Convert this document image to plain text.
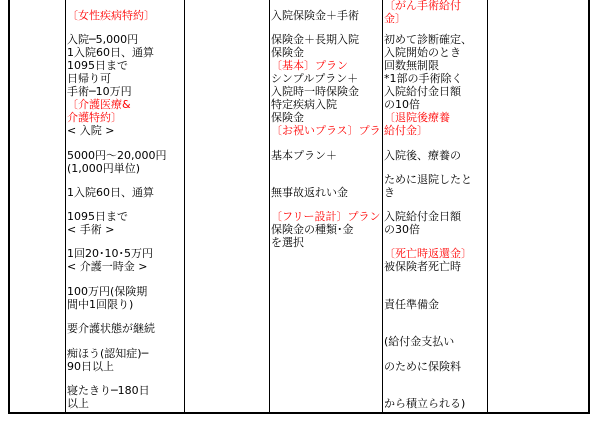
〔女性疾病特約〕
入院─5,000円
1入院60日、通算
1095日まで
日帰り可
手術─10万円
〔介護医療&
介護特約〕
< 入院 >
5000円～20,000円
(1,000円単位)
1入院60日、通算
1095日まで
< 手術 >
1回20･10･5万円
< 介護一時金 >
100万円(保険期
間中1回限り)
要介護状態が継続
痴ほう(認知症)─
90日以上
寝たきり─180日
以上
入院保険金＋手術
保険金＋長期入院
保険金
〔基本〕プラン
シンプルプラン＋
入院時一時保険金
特定疾病入院
保険金
〔お祝いプラス〕プラ
基本プラン＋
無事故返れい金
〔フリー設計〕プラン
保険金の種類･金
を選択
〔がん手術給付
金〕
初めて診断確定、
入院開始のとき
回数無制限
*1部の手術除く
入院給付金日額
の10倍
〔退院後療養
給付金〕
入院後、療養の
ために退院したと
き
入院給付金日額
の30倍
〔死亡時返還金〕
被保険者死亡時
責任準備金
(給付金支払い
のために保険料
から積立られる)
